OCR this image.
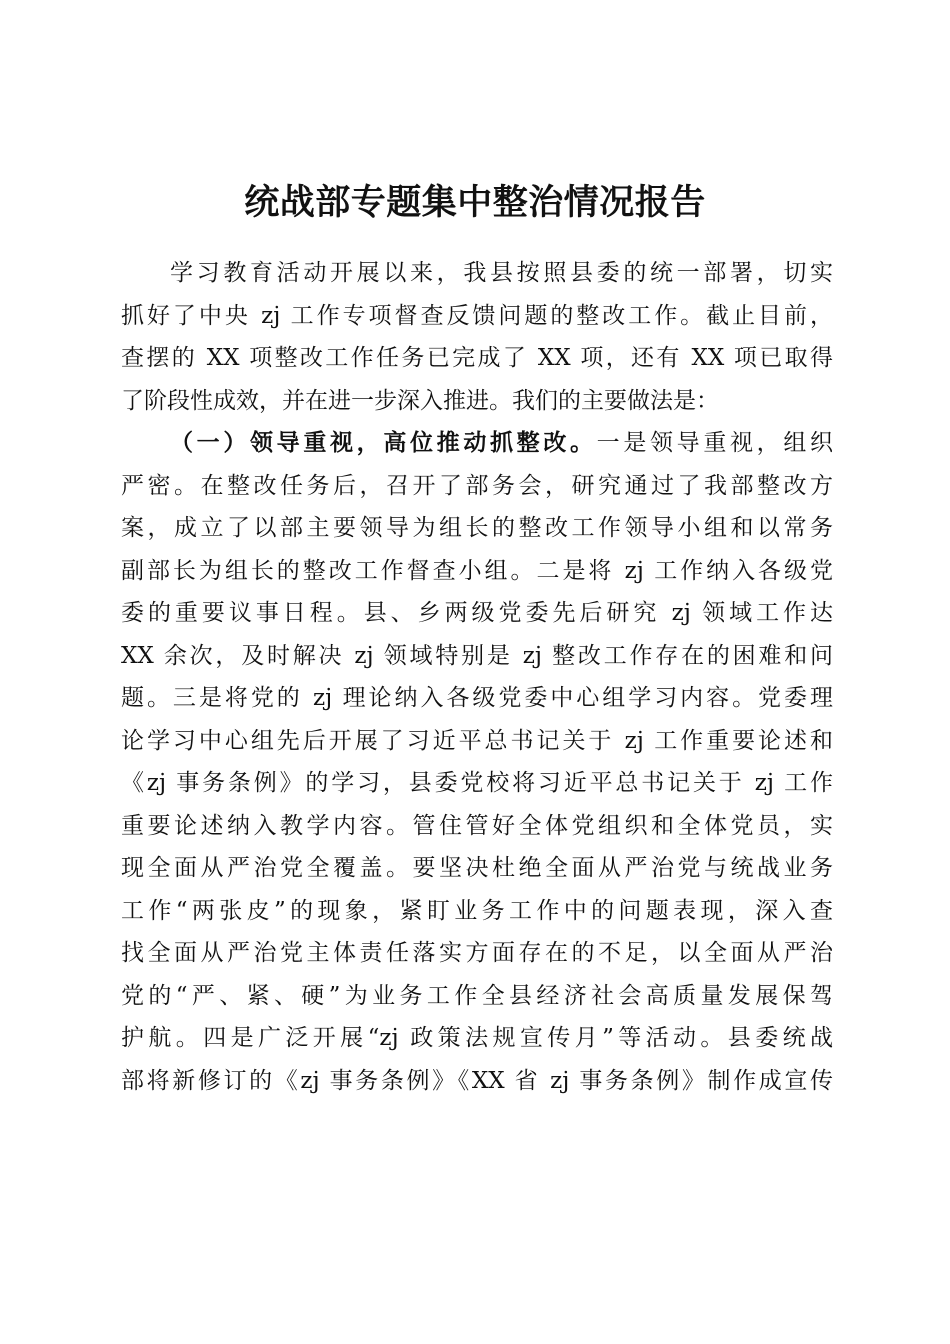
统战部专题集中整治情况报告
学习教育活动开展以来，我县按照县委的统一部署，切实
抓好了中央 zj 工作专项督查反馈问题的整改工作。截止目前，
查摆的 XX 项整改工作任务已完成了 XX 项，还有 XX 项已取得
了阶段性成效，并在进一步深入推进。我们的主要做法是：
（一）领导重视，高位推动抓整改。一是领导重视，组织
严密。在整改任务后，召开了部务会，研究通过了我部整改方
案，成立了以部主要领导为组长的整改工作领导小组和以常务
副部长为组长的整改工作督查小组。二是将 zj 工作纳入各级党
委的重要议事日程。县、乡两级党委先后研究 zj 领域工作达
XX 余次，及时解决 zj 领域特别是 zj 整改工作存在的困难和问
题。三是将党的 zj 理论纳入各级党委中心组学习内容。党委理
论学习中心组先后开展了习近平总书记关于 zj 工作重要论述和
《zj 事务条例》的学习，县委党校将习近平总书记关于 zj 工作
重要论述纳入教学内容。管住管好全体党组织和全体党员，实
现全面从严治党全覆盖。要坚决杜绝全面从严治党与统战业务
工作“两张皮”的现象，紧盯业务工作中的问题表现，深入查
找全面从严治党主体责任落实方面存在的不足，以全面从严治
党的“严、紧、硬”为业务工作全县经济社会高质量发展保驾
护航。四是广泛开展“zj 政策法规宣传月”等活动。县委统战
部将新修订的《zj 事务条例》《XX 省 zj 事务条例》制作成宣传
